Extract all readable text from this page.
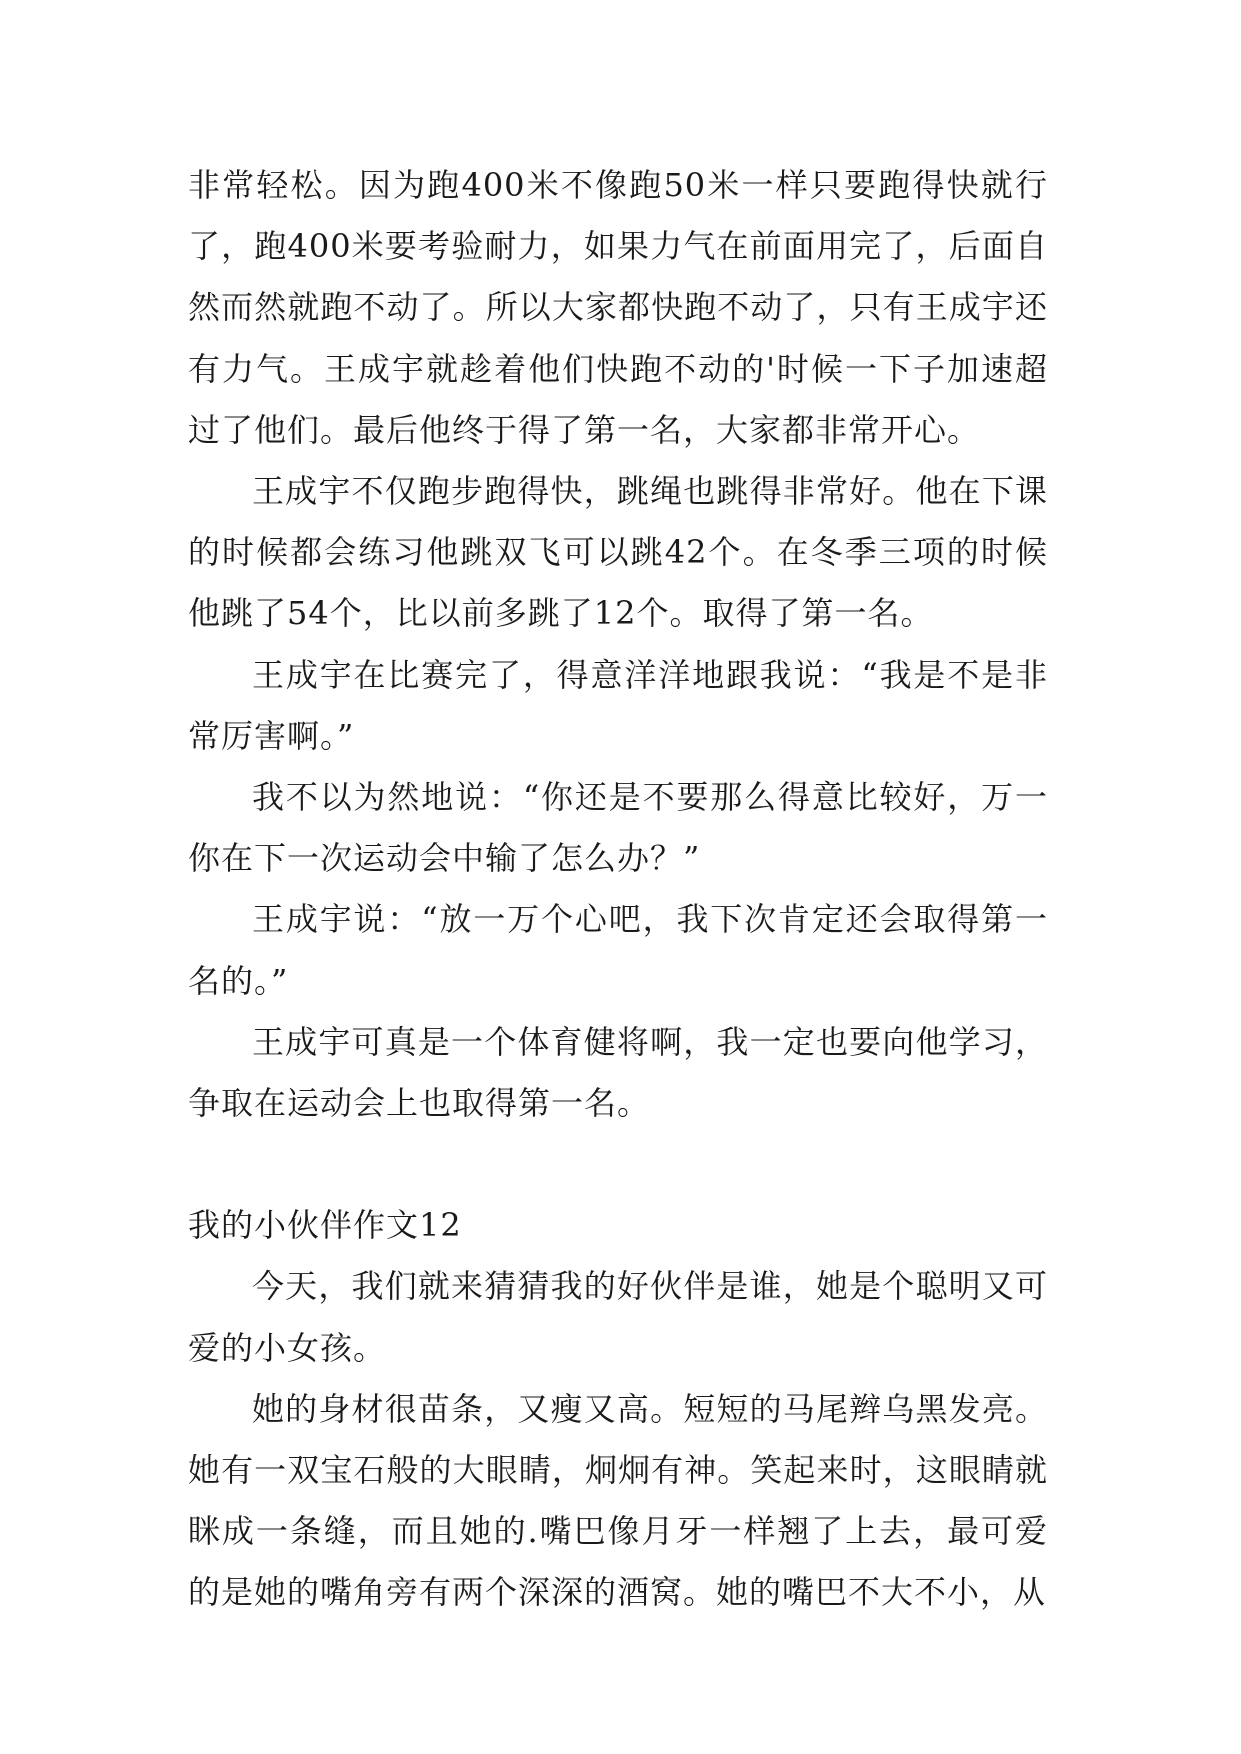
非常轻松。因为跑400米不像跑50米一样只要跑得快就行了，跑400米要考验耐力，如果力气在前面用完了，后面自然而然就跑不动了。所以大家都快跑不动了，只有王成宇还有力气。王成宇就趁着他们快跑不动的'时候一下子加速超过了他们。最后他终于得了第一名，大家都非常开心。

王成宇不仅跑步跑得快，跳绳也跳得非常好。他在下课的时候都会练习他跳双飞可以跳42个。在冬季三项的时候他跳了54个，比以前多跳了12个。取得了第一名。

王成宇在比赛完了，得意洋洋地跟我说：“我是不是非常厉害啊。”

我不以为然地说：“你还是不要那么得意比较好，万一你在下一次运动会中输了怎么办？”

王成宇说：“放一万个心吧，我下次肯定还会取得第一名的。”

王成宇可真是一个体育健将啊，我一定也要向他学习，争取在运动会上也取得第一名。

我的小伙伴作文12

今天，我们就来猜猜我的好伙伴是谁，她是个聪明又可爱的小女孩。

她的身材很苗条，又瘦又高。短短的马尾辫乌黑发亮。她有一双宝石般的大眼睛，炯炯有神。笑起来时，这眼睛就眯成一条缝，而且她的.嘴巴像月牙一样翘了上去，最可爱的是她的嘴角旁有两个深深的酒窝。她的嘴巴不大不小，从
